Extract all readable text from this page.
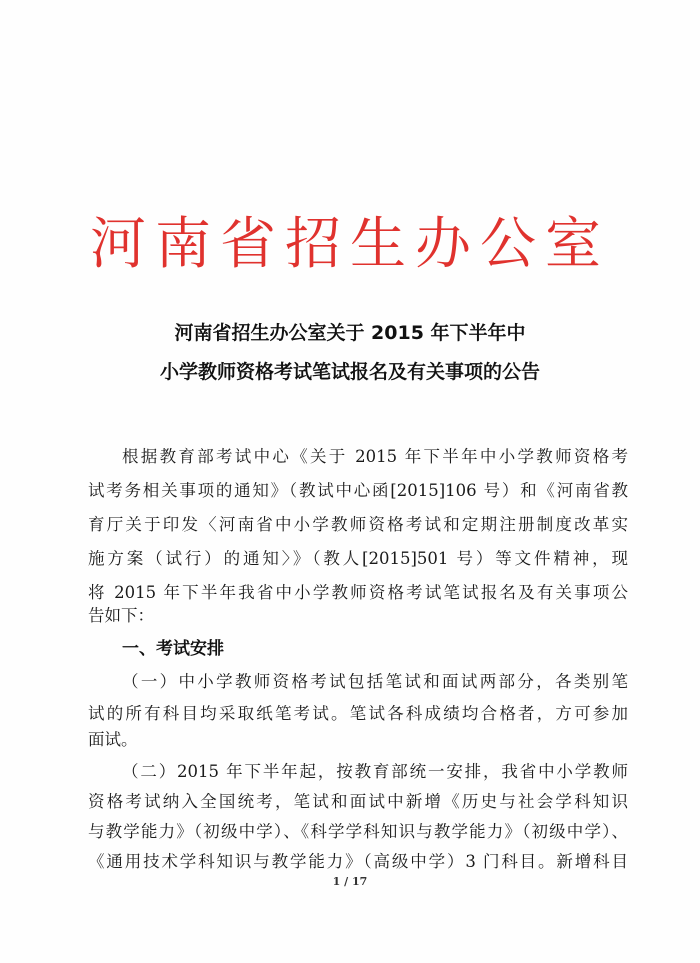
河南省招生办公室
河南省招生办公室关于 2015 年下半年中
小学教师资格考试笔试报名及有关事项的公告
根据教育部考试中心《关于 2015 年下半年中小学教师资格考
试考务相关事项的通知》（教试中心函[2015]106 号）和《河南省教
育厅关于印发〈河南省中小学教师资格考试和定期注册制度改革实
施方案（试行）的通知〉》（教人[2015]501 号）等文件精神，现
将 2015 年下半年我省中小学教师资格考试笔试报名及有关事项公
告如下：
一、考试安排
（一）中小学教师资格考试包括笔试和面试两部分，各类别笔
试的所有科目均采取纸笔考试。笔试各科成绩均合格者，方可参加
面试。
（二）2015 年下半年起，按教育部统一安排，我省中小学教师
资格考试纳入全国统考，笔试和面试中新增《历史与社会学科知识
与教学能力》（初级中学）、《科学学科知识与教学能力》（初级中学）、
《通用技术学科知识与教学能力》（高级中学）3 门科目。新增科目
1 / 17
